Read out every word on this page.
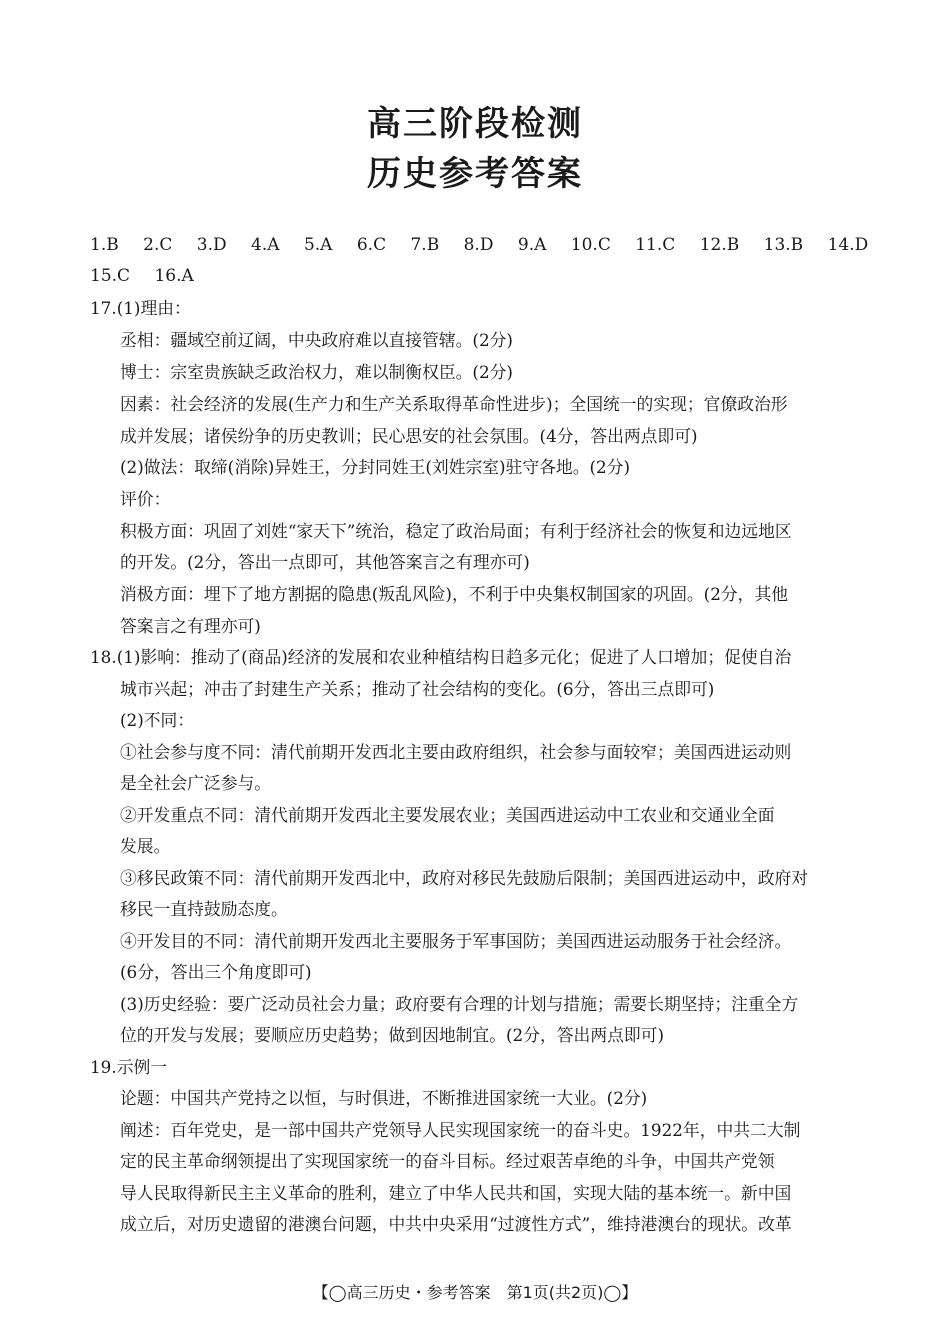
高三阶段检测
历史参考答案
1.B 2.C 3.D 4.A 5.A 6.C 7.B 8.D 9.A 10.C 11.C 12.B 13.B 14.D
15.C 16.A
17.(1)理由：
丞相：疆域空前辽阔，中央政府难以直接管辖。(2分)
博士：宗室贵族缺乏政治权力，难以制衡权臣。(2分)
因素：社会经济的发展(生产力和生产关系取得革命性进步)；全国统一的实现；官僚政治形
成并发展；诸侯纷争的历史教训；民心思安的社会氛围。(4分，答出两点即可)
(2)做法：取缔(消除)异姓王，分封同姓王(刘姓宗室)驻守各地。(2分)
评价：
积极方面：巩固了刘姓“家天下”统治，稳定了政治局面；有利于经济社会的恢复和边远地区
的开发。(2分，答出一点即可，其他答案言之有理亦可)
消极方面：埋下了地方割据的隐患(叛乱风险)，不利于中央集权制国家的巩固。(2分，其他
答案言之有理亦可)
18.(1)影响：推动了(商品)经济的发展和农业种植结构日趋多元化；促进了人口增加；促使自治
城市兴起；冲击了封建生产关系；推动了社会结构的变化。(6分，答出三点即可)
(2)不同：
①社会参与度不同：清代前期开发西北主要由政府组织，社会参与面较窄；美国西进运动则
是全社会广泛参与。
②开发重点不同：清代前期开发西北主要发展农业；美国西进运动中工农业和交通业全面
发展。
③移民政策不同：清代前期开发西北中，政府对移民先鼓励后限制；美国西进运动中，政府对
移民一直持鼓励态度。
④开发目的不同：清代前期开发西北主要服务于军事国防；美国西进运动服务于社会经济。
(6分，答出三个角度即可)
(3)历史经验：要广泛动员社会力量；政府要有合理的计划与措施；需要长期坚持；注重全方
位的开发与发展；要顺应历史趋势；做到因地制宜。(2分，答出两点即可)
19.示例一
论题：中国共产党持之以恒，与时俱进，不断推进国家统一大业。(2分)
阐述：百年党史，是一部中国共产党领导人民实现国家统一的奋斗史。1922年，中共二大制
定的民主革命纲领提出了实现国家统一的奋斗目标。经过艰苦卓绝的斗争，中国共产党领
导人民取得新民主主义革命的胜利，建立了中华人民共和国，实现大陆的基本统一。新中国
成立后，对历史遗留的港澳台问题，中共中央采用“过渡性方式”，维持港澳台的现状。改革
【◯高三历史・参考答案　第1页(共2页)◯】
